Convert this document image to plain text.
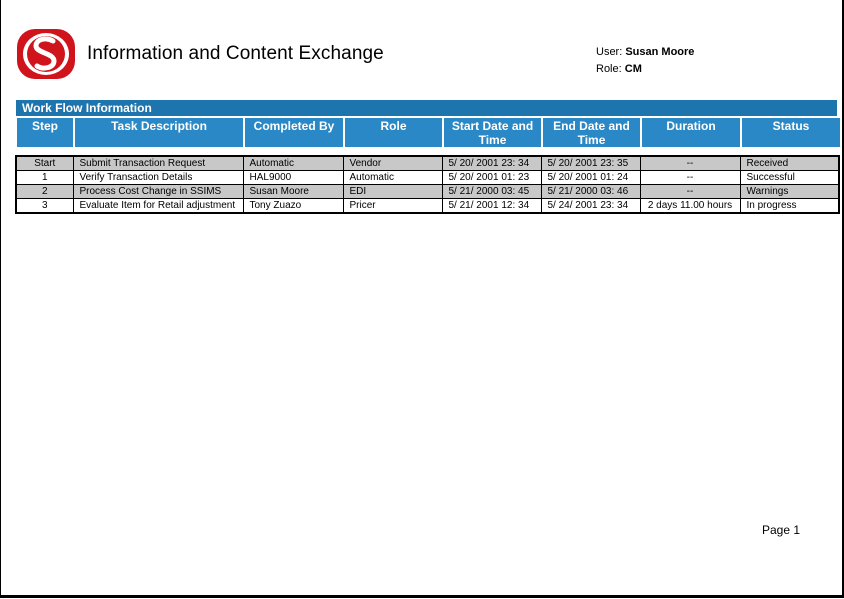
Information and Content Exchange	User: Susan Moore
Role: CM
Work Flow Information
Step	Task Description	Completed By	Role	Start Date and Time	End Date and Time	Duration	Status
Start	Submit Transaction Request	Automatic	Vendor	5/ 20/ 2001 23: 34	5/ 20/ 2001 23: 35	--	Received
1	Verify Transaction Details	HAL9000	Automatic	5/ 20/ 2001 01: 23	5/ 20/ 2001 01: 24	--	Successful
2	Process Cost Change in SSIMS	Susan Moore	EDI	5/ 21/ 2000 03: 45	5/ 21/ 2000 03: 46	--	Warnings
3	Evaluate Item for Retail adjustment	Tony Zuazo	Pricer	5/ 21/ 2001 12: 34	5/ 24/ 2001 23: 34	2 days 11.00 hours	In progress
Page 1
